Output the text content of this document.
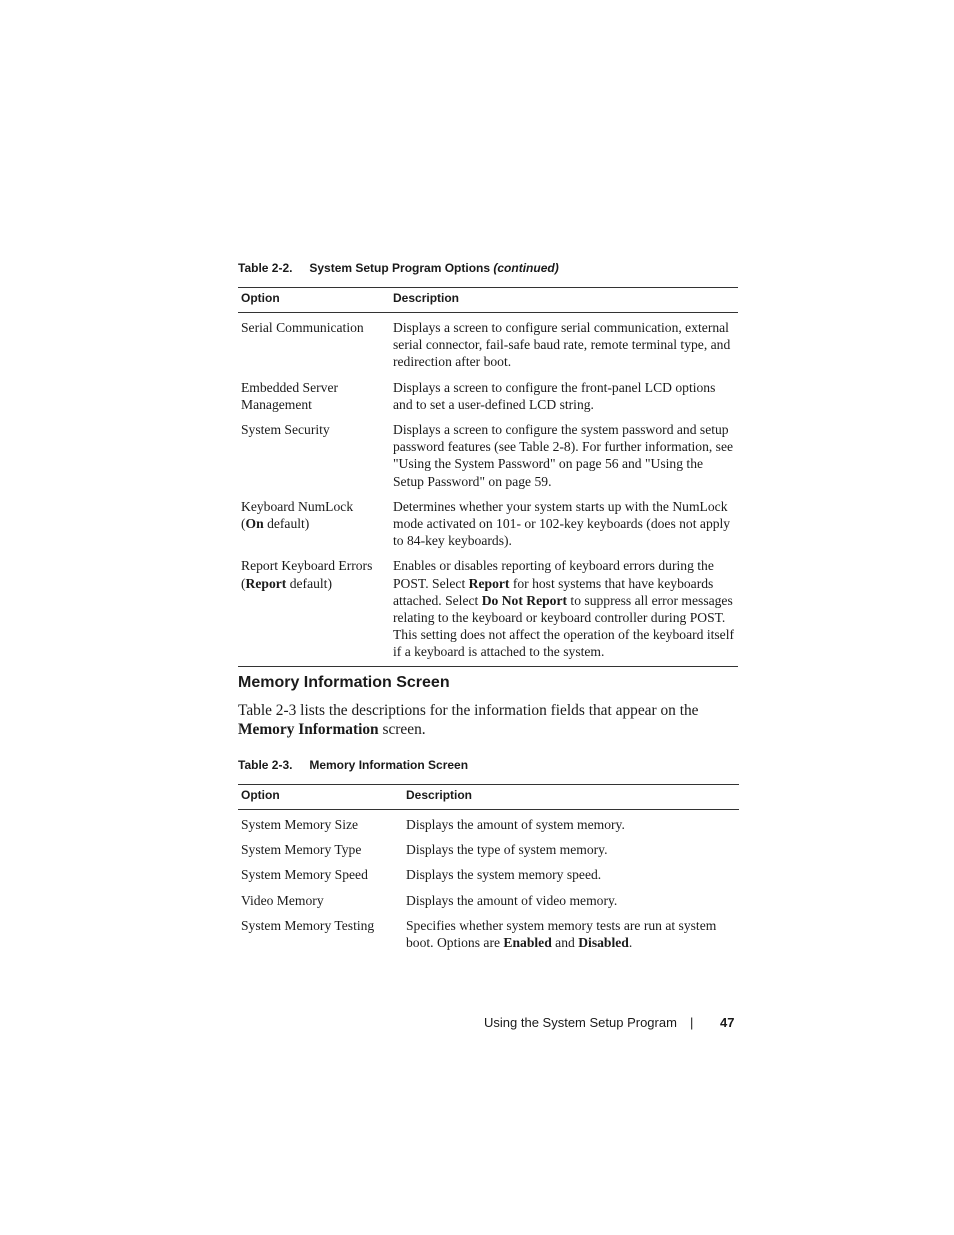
Table 2-2. System Setup Program Options (continued)
Option	Description
Serial Communication	Displays a screen to configure serial communication, external serial connector, fail-safe baud rate, remote terminal type, and redirection after boot.
Embedded Server Management	Displays a screen to configure the front-panel LCD options and to set a user-defined LCD string.
System Security	Displays a screen to configure the system password and setup password features (see Table 2-8). For further information, see "Using the System Password" on page 56 and "Using the Setup Password" on page 59.
Keyboard NumLock
(On default)	Determines whether your system starts up with the NumLock mode activated on 101- or 102-key keyboards (does not apply to 84-key keyboards).
Report Keyboard Errors
(Report default)	Enables or disables reporting of keyboard errors during the POST. Select Report for host systems that have keyboards attached. Select Do Not Report to suppress all error messages relating to the keyboard or keyboard controller during POST. This setting does not affect the operation of the keyboard itself if a keyboard is attached to the system.
Memory Information Screen
Table 2-3 lists the descriptions for the information fields that appear on the Memory Information screen.
Table 2-3. Memory Information Screen
Option	Description
System Memory Size	Displays the amount of system memory.
System Memory Type	Displays the type of system memory.
System Memory Speed	Displays the system memory speed.
Video Memory	Displays the amount of video memory.
System Memory Testing	Specifies whether system memory tests are run at system boot. Options are Enabled and Disabled.
Using the System Setup Program | 47
